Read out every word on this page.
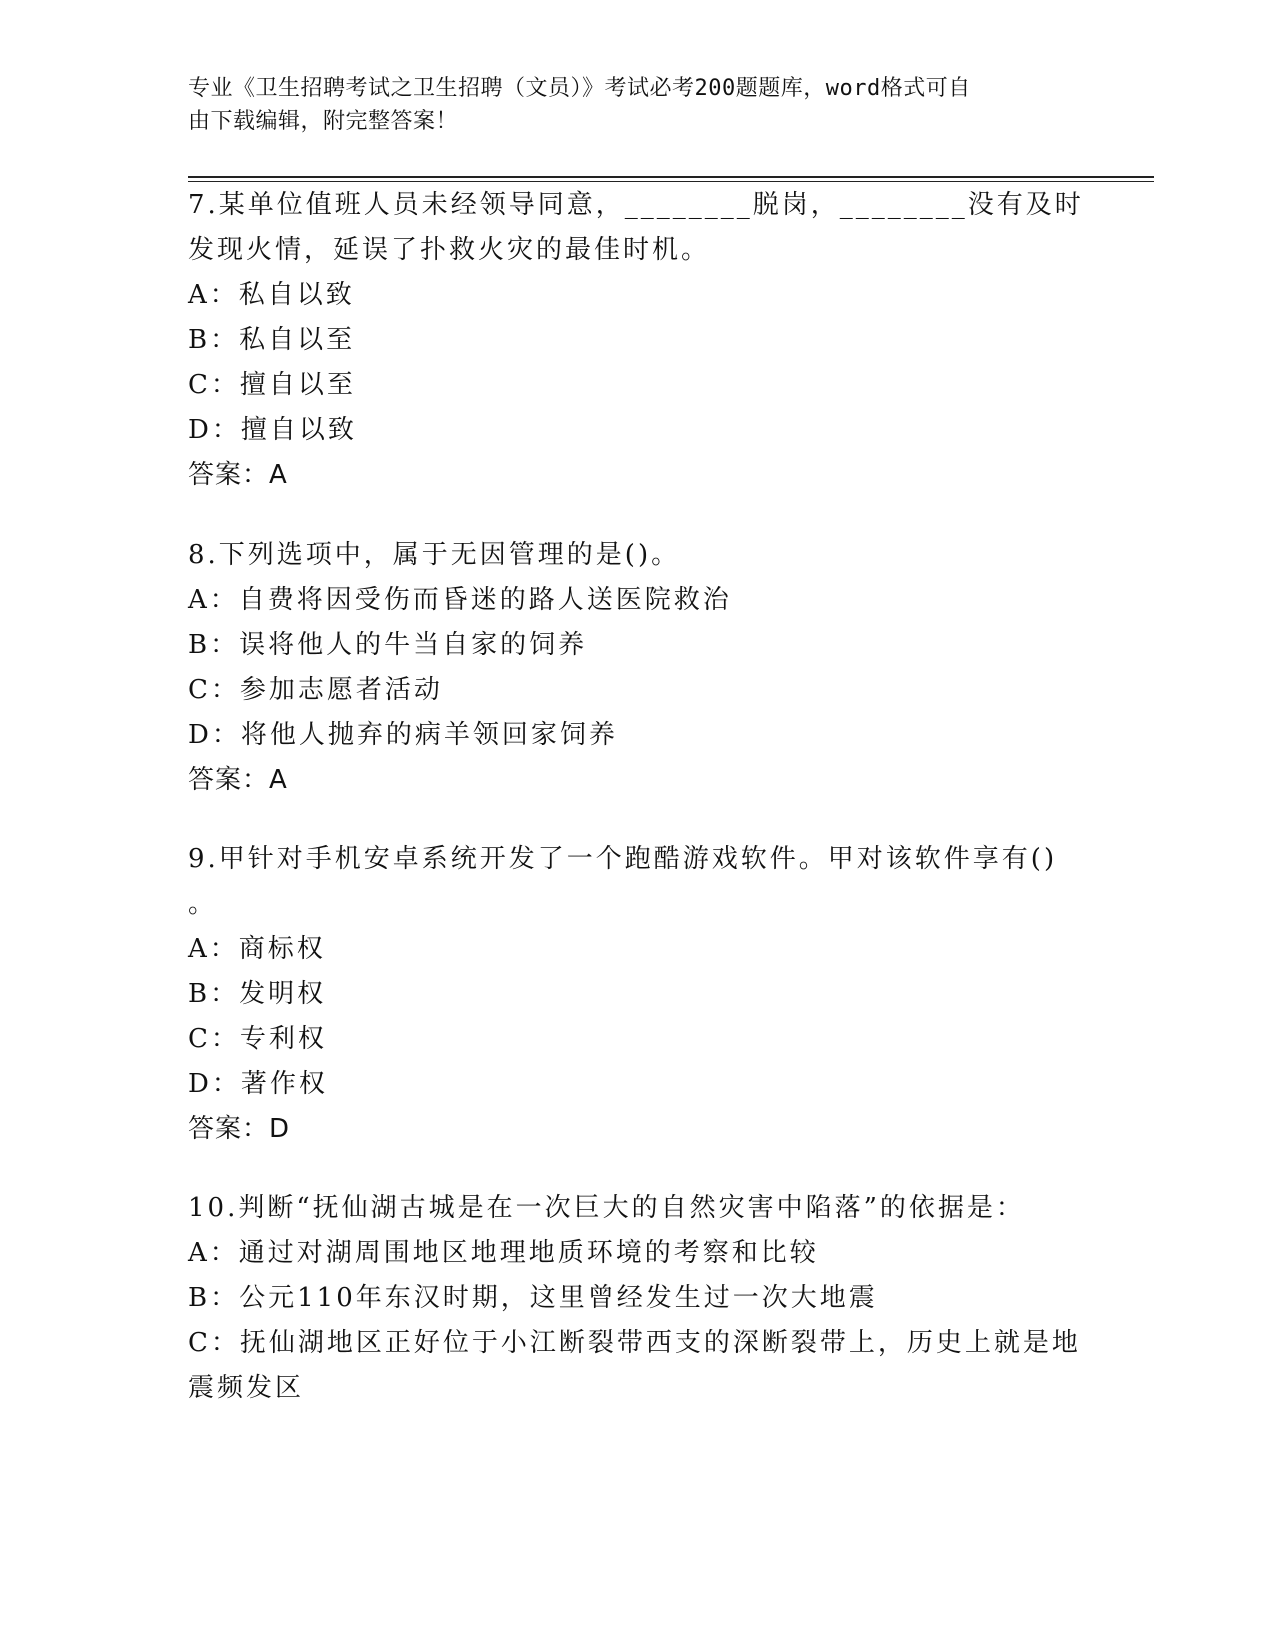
专业《卫生招聘考试之卫生招聘（文员）》考试必考200题题库，word格式可自
由下载编辑，附完整答案！
7.某单位值班人员未经领导同意，________脱岗，________没有及时
发现火情，延误了扑救火灾的最佳时机。
A：私自以致
B：私自以至
C：擅自以至
D：擅自以致
答案：A
8.下列选项中，属于无因管理的是()。
A：自费将因受伤而昏迷的路人送医院救治
B：误将他人的牛当自家的饲养
C：参加志愿者活动
D：将他人抛弃的病羊领回家饲养
答案：A
9.甲针对手机安卓系统开发了一个跑酷游戏软件。甲对该软件享有()
。
A：商标权
B：发明权
C：专利权
D：著作权
答案：D
10.判断“抚仙湖古城是在一次巨大的自然灾害中陷落”的依据是：
A：通过对湖周围地区地理地质环境的考察和比较
B：公元110年东汉时期，这里曾经发生过一次大地震
C：抚仙湖地区正好位于小江断裂带西支的深断裂带上，历史上就是地
震频发区
